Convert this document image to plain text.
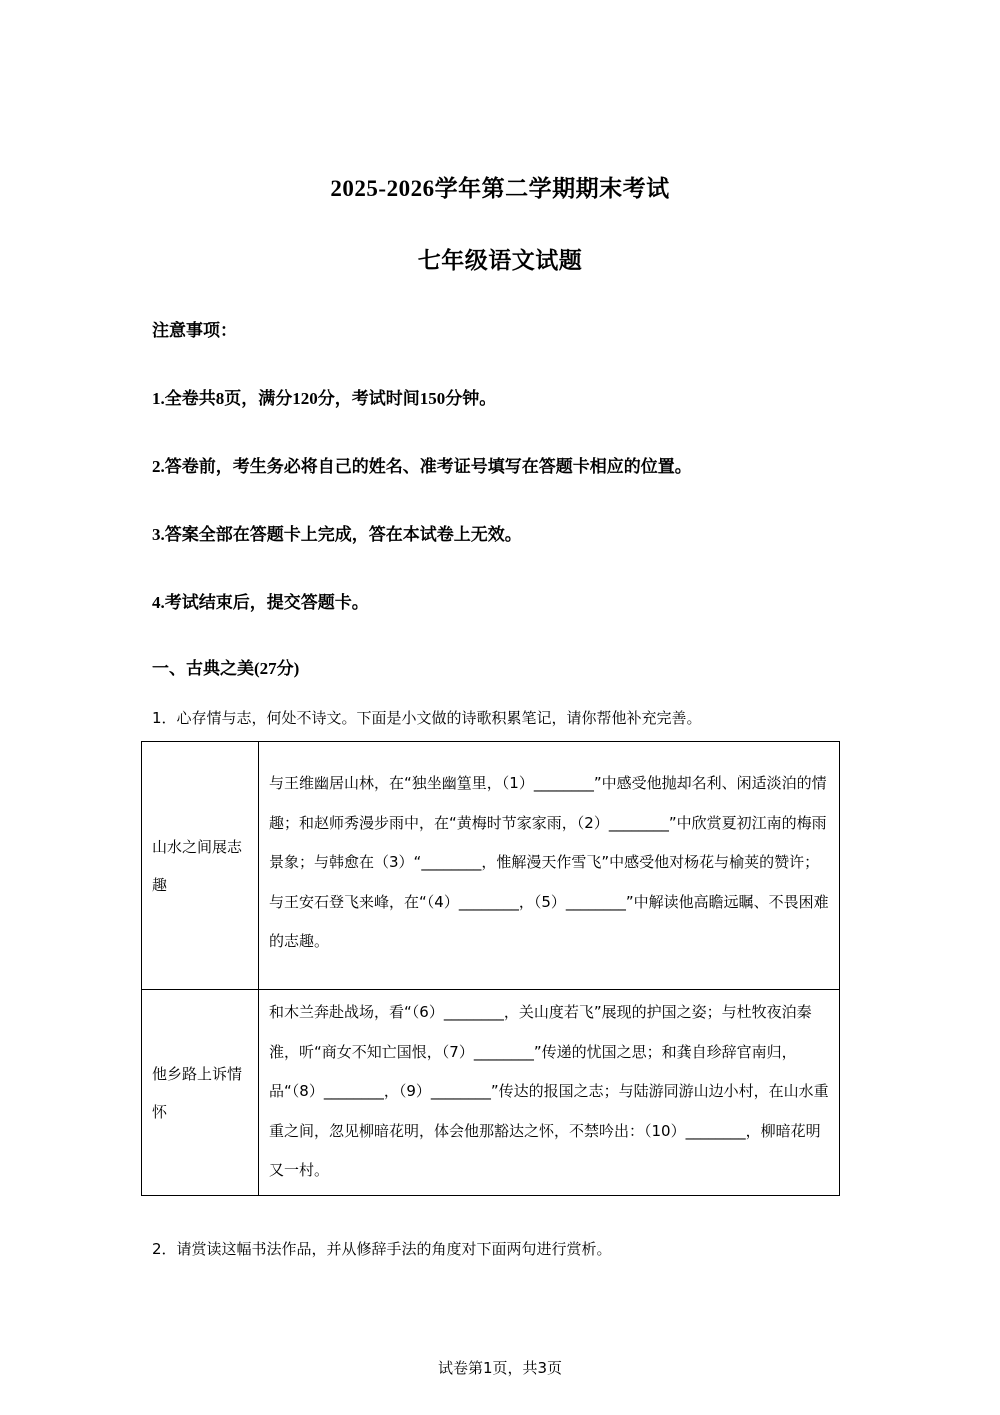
2025-2026学年第二学期期末考试
七年级语文试题
注意事项：
1.全卷共8页，满分120分，考试时间150分钟。
2.答卷前，考生务必将自己的姓名、准考证号填写在答题卡相应的位置。
3.答案全部在答题卡上完成，答在本试卷上无效。
4.考试结束后，提交答题卡。
一、古典之美(27分)
1．心存情与志，何处不诗文。下面是小文做的诗歌积累笔记，请你帮他补充完善。
山水之间展志趣	与王维幽居山林，在“独坐幽篁里，（1）________”中感受他抛却名利、闲适淡泊的情趣；和赵师秀漫步雨中，在“黄梅时节家家雨，（2）________”中欣赏夏初江南的梅雨景象；与韩愈在（3）“________，惟解漫天作雪飞”中感受他对杨花与榆荚的赞许；与王安石登飞来峰，在“（4）________，（5）________”中解读他高瞻远瞩、不畏困难的志趣。
他乡路上诉情怀	和木兰奔赴战场，看“（6）________，关山度若飞”展现的护国之姿；与杜牧夜泊秦淮，听“商女不知亡国恨，（7）________”传递的忧国之思；和龚自珍辞官南归，品“（8）________，（9）________”传达的报国之志；与陆游同游山边小村，在山水重重之间，忽见柳暗花明，体会他那豁达之怀，不禁吟出：（10）________，柳暗花明又一村。
2．请赏读这幅书法作品，并从修辞手法的角度对下面两句进行赏析。
试卷第1页，共3页
